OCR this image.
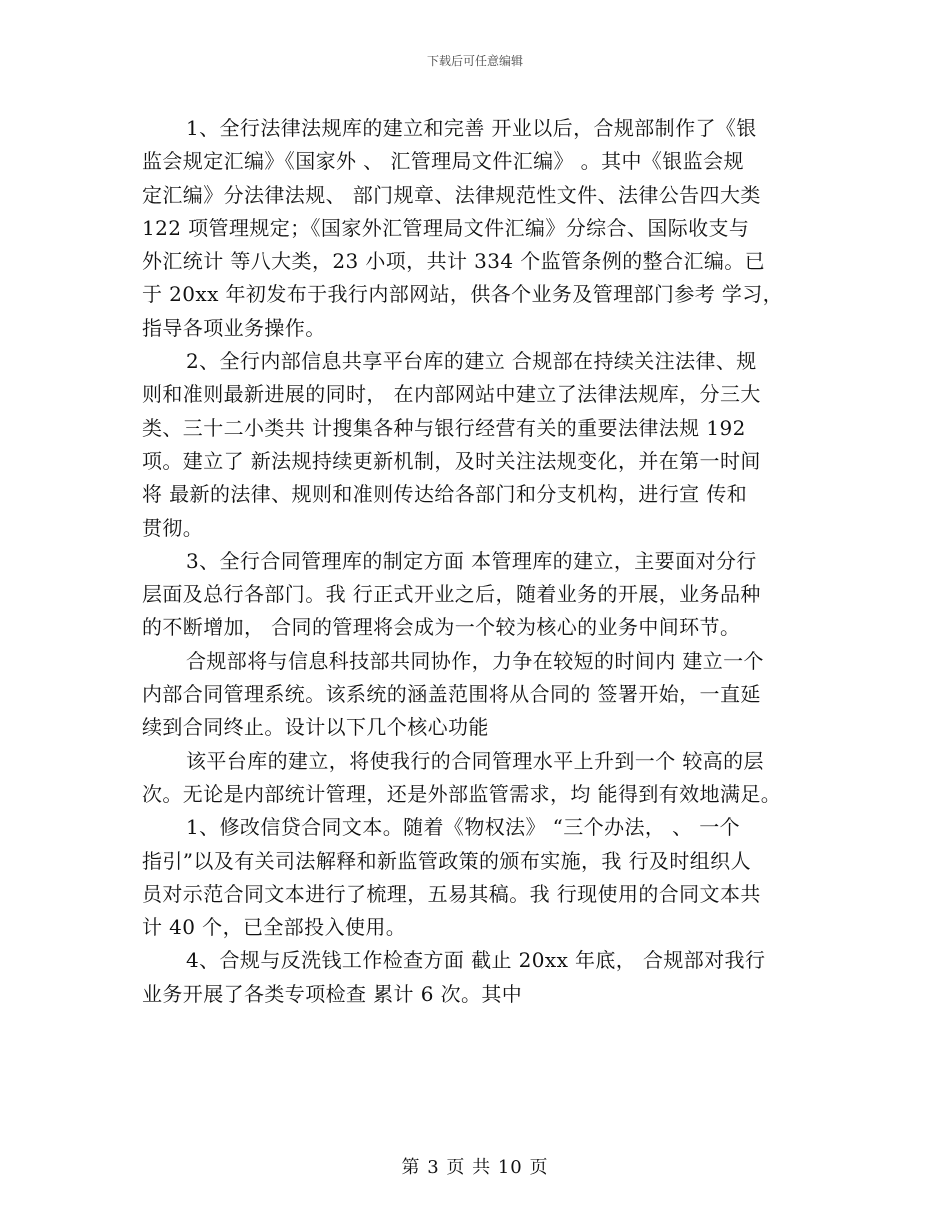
下载后可任意编辑

1、全行法律法规库的建立和完善 开业以后，合规部制作了《银

监会规定汇编》《国家外 、 汇管理局文件汇编》 。其中《银监会规

定汇编》分法律法规、 部门规章、法律规范性文件、法律公告四大类

122 项管理规定；《国家外汇管理局文件汇编》分综合、国际收支与

外汇统计 等八大类，23 小项，共计 334 个监管条例的整合汇编。已

于 20xx 年初发布于我行内部网站，供各个业务及管理部门参考 学习，

指导各项业务操作。

2、全行内部信息共享平台库的建立 合规部在持续关注法律、规

则和准则最新进展的同时， 在内部网站中建立了法律法规库，分三大

类、三十二小类共 计搜集各种与银行经营有关的重要法律法规 192

项。建立了 新法规持续更新机制，及时关注法规变化，并在第一时间

将 最新的法律、规则和准则传达给各部门和分支机构，进行宣 传和

贯彻。

3、全行合同管理库的制定方面 本管理库的建立，主要面对分行

层面及总行各部门。我 行正式开业之后，随着业务的开展，业务品种

的不断增加， 合同的管理将会成为一个较为核心的业务中间环节。

合规部将与信息科技部共同协作，力争在较短的时间内 建立一个

内部合同管理系统。该系统的涵盖范围将从合同的 签署开始，一直延

续到合同终止。设计以下几个核心功能

该平台库的建立，将使我行的合同管理水平上升到一个 较高的层

次。无论是内部统计管理，还是外部监管需求，均 能得到有效地满足。

1、修改信贷合同文本。随着《物权法》 “三个办法， 、 一个

指引”以及有关司法解释和新监管政策的颁布实施，我 行及时组织人

员对示范合同文本进行了梳理，五易其稿。我 行现使用的合同文本共

计 40 个，已全部投入使用。

4、合规与反洗钱工作检查方面 截止 20xx 年底， 合规部对我行

业务开展了各类专项检查 累计 6 次。其中

第 3 页 共 10 页
